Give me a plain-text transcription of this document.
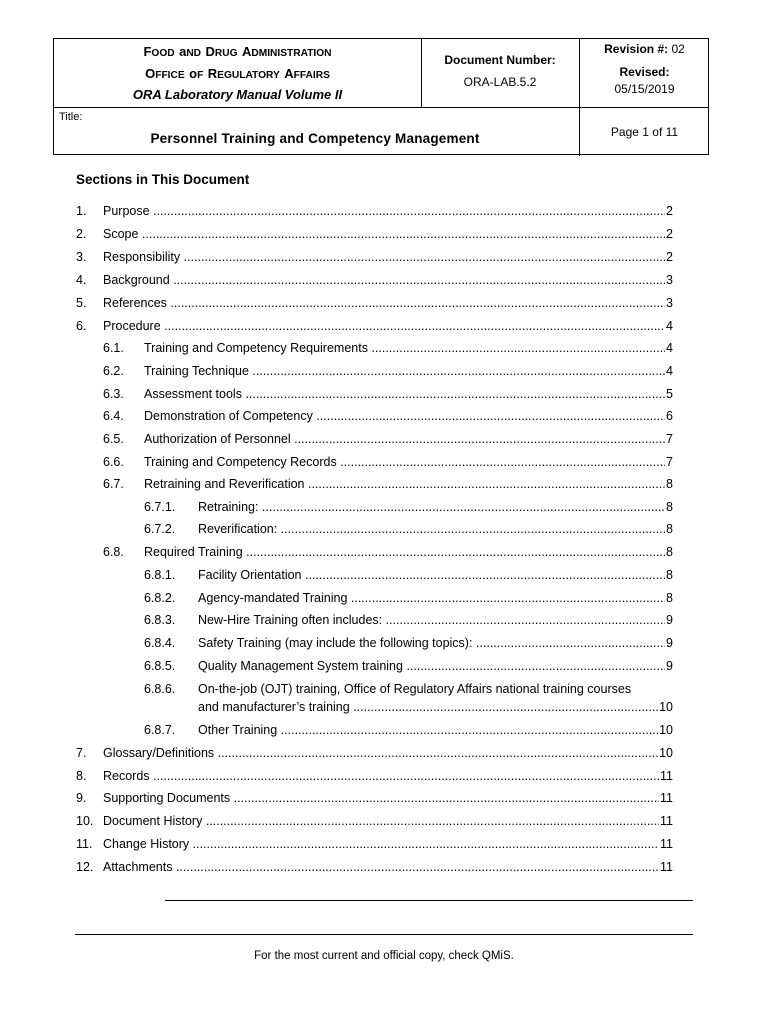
FOOD aND DRUG ADMINISTRATION
OFFICE oF REGULATORY AFFAIRS
ORA Laboratory Manual Volume II
Document Number:
ORA-LAB.5.2
Revision #: 02
Revised:
05/15/2019
Title:
Personnel Training and Competency Management	Page 1 of 11
Sections in This Document
1. Purpose .....	2
2. Scope .....	2
3. Responsibility .....	2
4. Background .....	3
5. References .....	3
6. Procedure .....	4
6.1. Training and Competency Requirements .....	4
6.2. Training Technique .....	4
6.3. Assessment tools .....	5
6.4. Demonstration of Competency .....	6
6.5. Authorization of Personnel .....	7
6.6. Training and Competency Records .....	7
6.7. Retraining and Reverification .....	8
6.7.1. Retraining: .....	8
6.7.2. Reverification: .....	8
6.8. Required Training .....	8
6.8.1. Facility Orientation .....	8
6.8.2. Agency-mandated Training .....	8
6.8.3. New-Hire Training often includes: .....	9
6.8.4. Safety Training (may include the following topics): .....	9
6.8.5. Quality Management System training .....	9
6.8.6. On-the-job (OJT) training, Office of Regulatory Affairs national training courses
and manufacturer’s training .....	10
6.8.7. Other Training .....	10
7. Glossary/Definitions .....	10
8. Records .....	11
9. Supporting Documents .....	11
10. Document History .....	11
11. Change History .....	11
12. Attachments .....	11
For the most current and official copy, check QMiS.
